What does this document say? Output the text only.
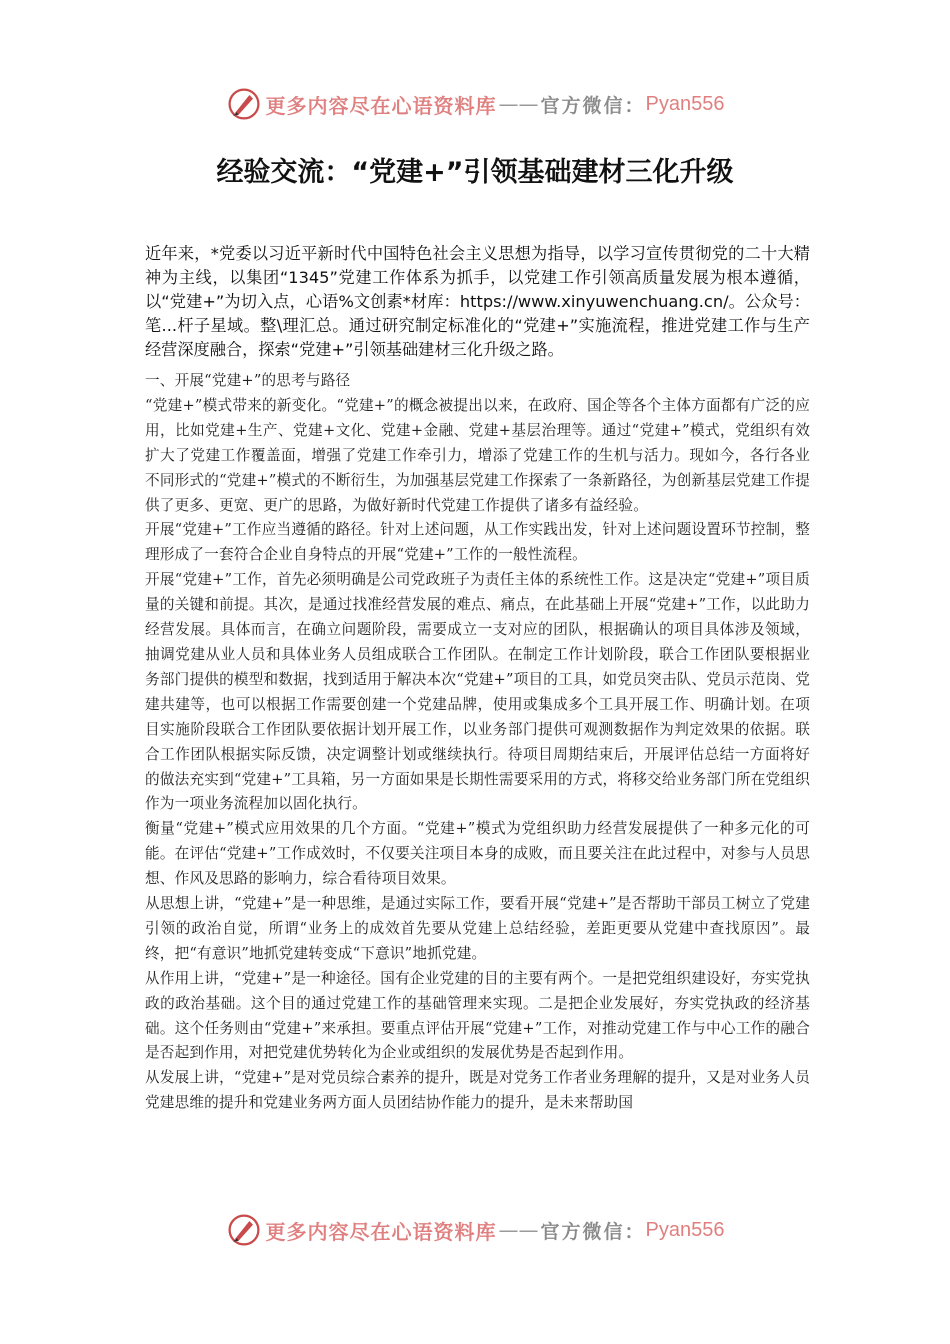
更多内容尽在心语资料库 —— 官方微信： Pyan556
经验交流：“党建+”引领基础建材三化升级
近年来，*党委以习近平新时代中国特色社会主义思想为指导，以学习宣传贯彻党的二十大精神为主线，以集团“1345”党建工作体系为抓手，以党建工作引领高质量发展为根本遵循，以“党建+”为切入点，心语%文创素*材库：https://www.xinyuwenchuang.cn/。公众号：笔...杆子星域。整\理汇总。通过研究制定标准化的“党建+”实施流程，推进党建工作与生产经营深度融合，探索“党建+”引领基础建材三化升级之路。

一、开展“党建+”的思考与路径

“党建+”模式带来的新变化。“党建+”的概念被提出以来，在政府、国企等各个主体方面都有广泛的应用，比如党建+生产、党建+文化、党建+金融、党建+基层治理等。通过“党建+”模式，党组织有效扩大了党建工作覆盖面，增强了党建工作牵引力，增添了党建工作的生机与活力。现如今，各行各业不同形式的“党建+”模式的不断衍生，为加强基层党建工作探索了一条新路径，为创新基层党建工作提供了更多、更宽、更广的思路，为做好新时代党建工作提供了诸多有益经验。

开展“党建+”工作应当遵循的路径。针对上述问题，从工作实践出发，针对上述问题设置环节控制，整理形成了一套符合企业自身特点的开展“党建+”工作的一般性流程。

开展“党建+”工作，首先必须明确是公司党政班子为责任主体的系统性工作。这是决定“党建+”项目质量的关键和前提。其次，是通过找准经营发展的难点、痛点，在此基础上开展“党建+”工作，以此助力经营发展。具体而言，在确立问题阶段，需要成立一支对应的团队，根据确认的项目具体涉及领域，抽调党建从业人员和具体业务人员组成联合工作团队。在制定工作计划阶段，联合工作团队要根据业务部门提供的模型和数据，找到适用于解决本次“党建+”项目的工具，如党员突击队、党员示范岗、党建共建等，也可以根据工作需要创建一个党建品牌，使用或集成多个工具开展工作、明确计划。在项目实施阶段联合工作团队要依据计划开展工作，以业务部门提供可观测数据作为判定效果的依据。联合工作团队根据实际反馈，决定调整计划或继续执行。待项目周期结束后，开展评估总结一方面将好的做法充实到“党建+”工具箱，另一方面如果是长期性需要采用的方式，将移交给业务部门所在党组织作为一项业务流程加以固化执行。

衡量“党建+”模式应用效果的几个方面。“党建+”模式为党组织助力经营发展提供了一种多元化的可能。在评估“党建+”工作成效时，不仅要关注项目本身的成败，而且要关注在此过程中，对参与人员思想、作风及思路的影响力，综合看待项目效果。

从思想上讲，“党建+”是一种思维，是通过实际工作，要看开展“党建+”是否帮助干部员工树立了党建引领的政治自觉，所谓“业务上的成效首先要从党建上总结经验，差距更要从党建中查找原因”。最终，把“有意识”地抓党建转变成“下意识”地抓党建。

从作用上讲，“党建+”是一种途径。国有企业党建的目的主要有两个。一是把党组织建设好，夯实党执政的政治基础。这个目的通过党建工作的基础管理来实现。二是把企业发展好，夯实党执政的经济基础。这个任务则由“党建+”来承担。要重点评估开展“党建+”工作，对推动党建工作与中心工作的融合是否起到作用，对把党建优势转化为企业或组织的发展优势是否起到作用。

从发展上讲，“党建+”是对党员综合素养的提升，既是对党务工作者业务理解的提升，又是对业务人员党建思维的提升和党建业务两方面人员团结协作能力的提升，是未来帮助国

更多内容尽在心语资料库 —— 官方微信： Pyan556
